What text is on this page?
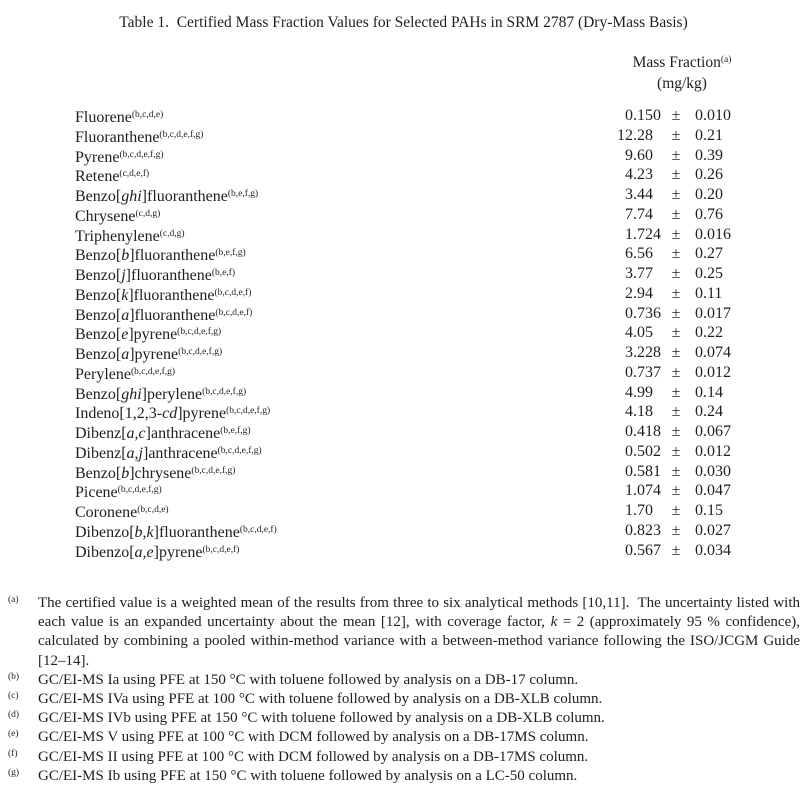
Table 1.  Certified Mass Fraction Values for Selected PAHs in SRM 2787 (Dry-Mass Basis)
Mass Fraction$^{(a)}$
(mg/kg)
Fluorene$^{(b,c,d,e)}$	0 .150 ± 0.010
Fluoranthene$^{(b,c,d,e,f,g)}$	12 .28	± 0.21
Pyrene$^{(b,c,d,e,f,g)}$	9 .60	± 0.39
Retene$^{(c,d,e,f)}$	4 .23	± 0.26
Benzo[ghi]fluoranthene$^{(b,e,f,g)}$	3 .44	± 0.20
Chrysene$^{(c,d,g)}$	7 .74	± 0.76
Triphenylene$^{(c,d,g)}$	1 .724 ± 0.016
Benzo[b]fluoranthene$^{(b,e,f,g)}$	6 .56	± 0.27
Benzo[j]fluoranthene$^{(b,e,f)}$	3 .77	± 0.25
Benzo[k]fluoranthene$^{(b,c,d,e,f)}$	2 .94	± 0.11
Benzo[a]fluoranthene$^{(b,c,d,e,f)}$	0 .736 ± 0.017
Benzo[e]pyrene$^{(b,c,d,e,f,g)}$	4 .05	± 0.22
Benzo[a]pyrene$^{(b,c,d,e,f,g)}$	3 .228 ± 0.074
Perylene$^{(b,c,d,e,f,g)}$	0 .737 ± 0.012
Benzo[ghi]perylene$^{(b,c,d,e,f,g)}$	4 .99	± 0.14
Indeno[1,2,3-cd]pyrene$^{(b,c,d,e,f,g)}$	4 .18	± 0.24
Dibenz[a,c]anthracene$^{(b,e,f,g)}$	0 .418 ± 0.067
Dibenz[a,j]anthracene$^{(b,c,d,e,f,g)}$	0 .502 ± 0.012
Benzo[b]chrysene$^{(b,c,d,e,f,g)}$	0 .581 ± 0.030
Picene$^{(b,c,d,e,f,g)}$	1 .074 ± 0.047
Coronene$^{(b,c,d,e)}$	1 .70	± 0.15
Dibenzo[b,k]fluoranthene$^{(b,c,d,e,f)}$	0 .823 ± 0.027
Dibenzo[a,e]pyrene$^{(b,c,d,e,f)}$	0 .567 ± 0.034
(a)	The certified value is a weighted mean of the results from three to six analytical methods [10,11].  The uncertainty listed with each value is an expanded uncertainty about the mean [12], with coverage factor, k = 2 (approximately 95 % confidence), calculated by combining a pooled within-method variance with a between-method variance following the ISO/JCGM Guide [12–14].
(b)	GC/EI-MS Ia using PFE at 150 °C with toluene followed by analysis on a DB-17 column.
(c)	GC/EI-MS IVa using PFE at 100 °C with toluene followed by analysis on a DB-XLB column.
(d)	GC/EI-MS IVb using PFE at 150 °C with toluene followed by analysis on a DB-XLB column.
(e)	GC/EI-MS V using PFE at 100 °C with DCM followed by analysis on a DB-17MS column.
(f)	GC/EI-MS II using PFE at 100 °C with DCM followed by analysis on a DB-17MS column.
(g)	GC/EI-MS Ib using PFE at 150 °C with toluene followed by analysis on a LC-50 column.
